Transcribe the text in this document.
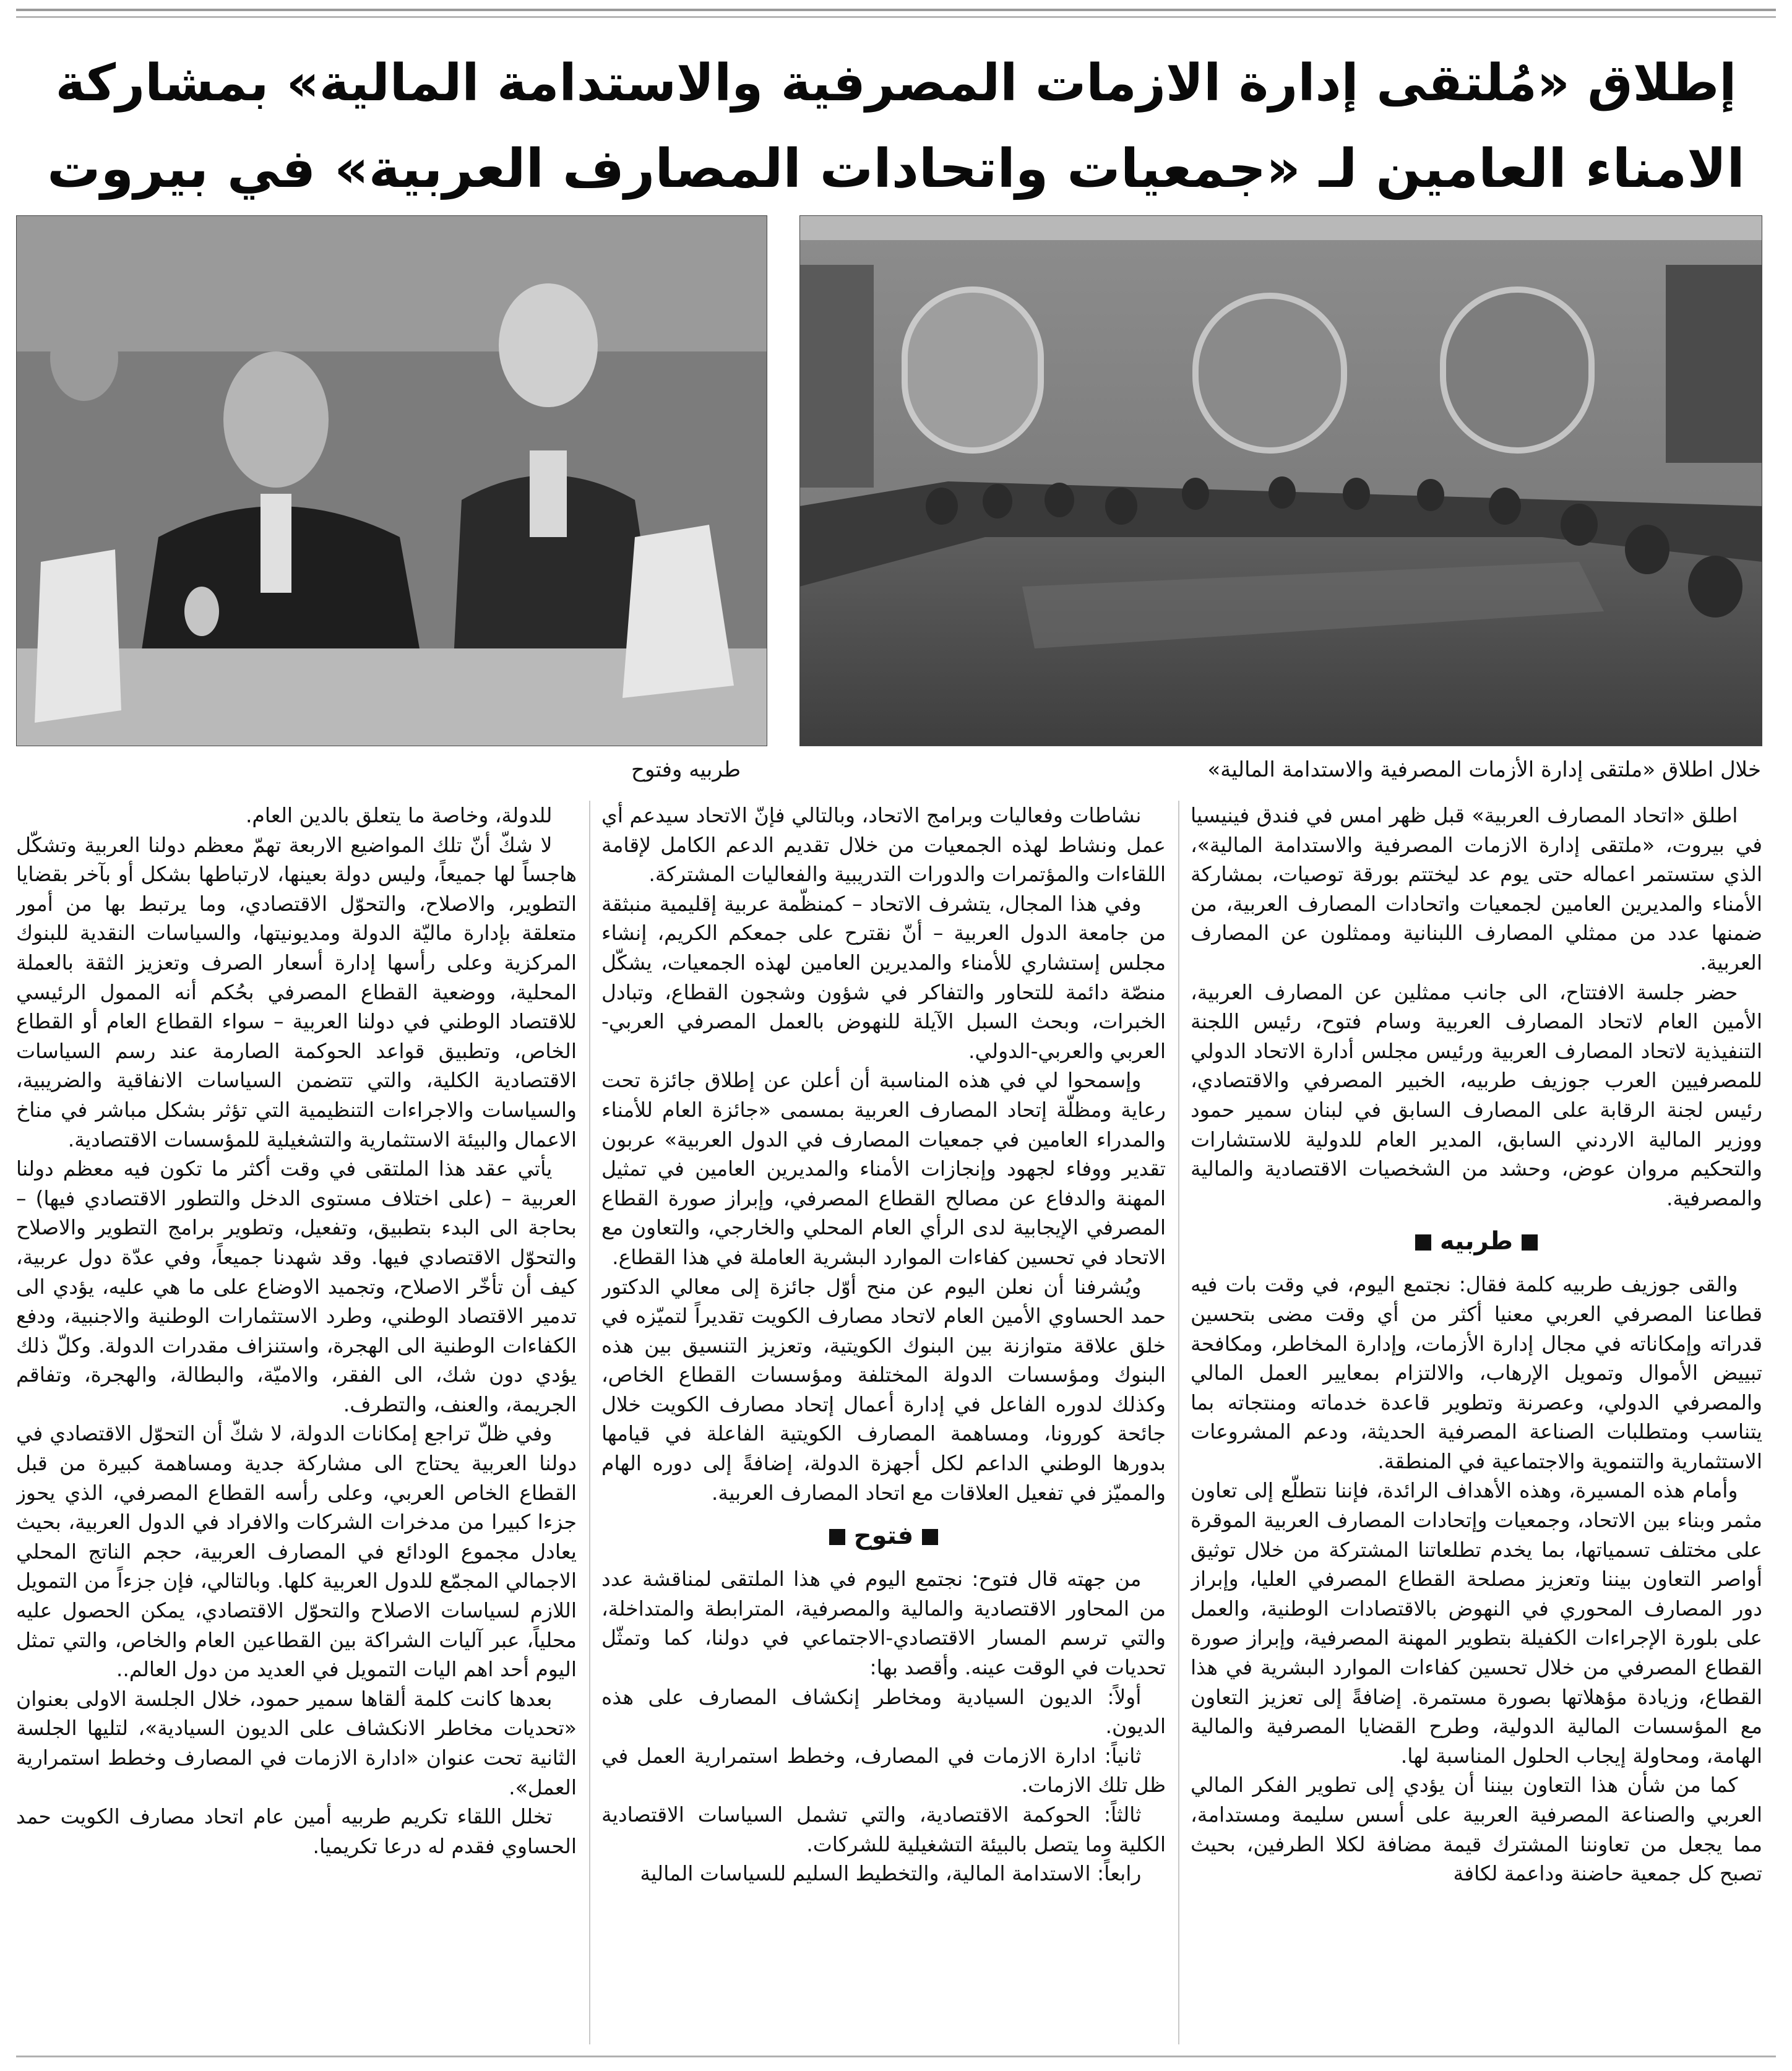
إطلاق «مُلتقى إدارة الازمات المصرفية والاستدامة المالية» بمشاركة
الامناء العامين لـ «جمعيات واتحادات المصارف العربية» في بيروت
خلال اطلاق «ملتقى إدارة الأزمات المصرفية والاستدامة المالية»
طربيه وفتوح

اطلق «اتحاد المصارف العربية» قبل ظهر امس في فندق فينيسيا في بيروت، «ملتقى إدارة الازمات المصرفية والاستدامة المالية»، الذي ستستمر اعماله حتى يوم عد ليختتم بورقة توصيات، بمشاركة الأمناء والمديرين العامين لجمعيات واتحادات المصارف العربية، من ضمنها عدد من ممثلي المصارف اللبنانية وممثلون عن المصارف العربية.

حضر جلسة الافتتاح، الى جانب ممثلين عن المصارف العربية، الأمين العام لاتحاد المصارف العربية وسام فتوح، رئيس اللجنة التنفيذية لاتحاد المصارف العربية ورئيس مجلس أدارة الاتحاد الدولي للمصرفيين العرب جوزيف طربيه، الخبير المصرفي والاقتصادي، رئيس لجنة الرقابة على المصارف السابق في لبنان سمير حمود ووزير المالية الاردني السابق، المدير العام للدولية للاستشارات والتحكيم مروان عوض، وحشد من الشخصيات الاقتصادية والمالية والمصرفية.

طربيه

والقى جوزيف طربيه كلمة فقال: نجتمع اليوم، في وقت بات فيه قطاعنا المصرفي العربي معنيا أكثر من أي وقت مضى بتحسين قدراته وإمكاناته في مجال إدارة الأزمات، وإدارة المخاطر، ومكافحة تبييض الأموال وتمويل الإرهاب، والالتزام بمعايير العمل المالي والمصرفي الدولي، وعصرنة وتطوير قاعدة خدماته ومنتجاته بما يتناسب ومتطلبات الصناعة المصرفية الحديثة، ودعم المشروعات الاستثمارية والتنموية والاجتماعية في المنطقة.

وأمام هذه المسيرة، وهذه الأهداف الرائدة، فإننا نتطلّع إلى تعاون مثمر وبناء بين الاتحاد، وجمعيات وإتحادات المصارف العربية الموقرة على مختلف تسمياتها، بما يخدم تطلعاتنا المشتركة من خلال توثيق أواصر التعاون بيننا وتعزيز مصلحة القطاع المصرفي العليا، وإبراز دور المصارف المحوري في النهوض بالاقتصادات الوطنية، والعمل على بلورة الإجراءات الكفيلة بتطوير المهنة المصرفية، وإبراز صورة القطاع المصرفي من خلال تحسين كفاءات الموارد البشرية في هذا القطاع، وزيادة مؤهلاتها بصورة مستمرة. إضافةً إلى تعزيز التعاون مع المؤسسات المالية الدولية، وطرح القضايا المصرفية والمالية الهامة، ومحاولة إيجاب الحلول المناسبة لها.

كما من شأن هذا التعاون بيننا أن يؤدي إلى تطوير الفكر المالي العربي والصناعة المصرفية العربية على أسس سليمة ومستدامة، مما يجعل من تعاوننا المشترك قيمة مضافة لكلا الطرفين، بحيث تصبح كل جمعية حاضنة وداعمة لكافة

نشاطات وفعاليات وبرامج الاتحاد، وبالتالي فإنّ الاتحاد سيدعم أي عمل ونشاط لهذه الجمعيات من خلال تقديم الدعم الكامل لإقامة اللقاءات والمؤتمرات والدورات التدريبية والفعاليات المشتركة.

وفي هذا المجال، يتشرف الاتحاد – كمنظّمة عربية إقليمية منبثقة من جامعة الدول العربية – أنّ نقترح على جمعكم الكريم، إنشاء مجلس إستشاري للأمناء والمديرين العامين لهذه الجمعيات، يشكّل منصّة دائمة للتحاور والتفاكر في شؤون وشجون القطاع، وتبادل الخبرات، وبحث السبل الآيلة للنهوض بالعمل المصرفي العربي-العربي والعربي-الدولي.

وإسمحوا لي في هذه المناسبة أن أعلن عن إطلاق جائزة تحت رعاية ومظلّة إتحاد المصارف العربية بمسمى «جائزة العام للأمناء والمدراء العامين في جمعيات المصارف في الدول العربية» عربون تقدير ووفاء لجهود وإنجازات الأمناء والمديرين العامين في تمثيل المهنة والدفاع عن مصالح القطاع المصرفي، وإبراز صورة القطاع المصرفي الإيجابية لدى الرأي العام المحلي والخارجي، والتعاون مع الاتحاد في تحسين كفاءات الموارد البشرية العاملة في هذا القطاع.

ويُشرفنا أن نعلن اليوم عن منح أوّل جائزة إلى معالي الدكتور حمد الحساوي الأمين العام لاتحاد مصارف الكويت تقديراً لتميّزه في خلق علاقة متوازنة بين البنوك الكويتية، وتعزيز التنسيق بين هذه البنوك ومؤسسات الدولة المختلفة ومؤسسات القطاع الخاص، وكذلك لدوره الفاعل في إدارة أعمال إتحاد مصارف الكويت خلال جائحة كورونا، ومساهمة المصارف الكويتية الفاعلة في قيامها بدورها الوطني الداعم لكل أجهزة الدولة، إضافةً إلى دوره الهام والمميّز في تفعيل العلاقات مع اتحاد المصارف العربية.

فتوح

من جهته قال فتوح: نجتمع اليوم في هذا الملتقى لمناقشة عدد من المحاور الاقتصادية والمالية والمصرفية، المترابطة والمتداخلة، والتي ترسم المسار الاقتصادي-الاجتماعي في دولنا، كما وتمثّل تحديات في الوقت عينه. وأقصد بها:

أولاً: الديون السيادية ومخاطر إنكشاف المصارف على هذه الديون.

ثانياً: ادارة الازمات في المصارف، وخطط استمرارية العمل في ظل تلك الازمات.

ثالثاً: الحوكمة الاقتصادية، والتي تشمل السياسات الاقتصادية الكلية وما يتصل بالبيئة التشغيلية للشركات.

رابعاً: الاستدامة المالية، والتخطيط السليم للسياسات المالية

للدولة، وخاصة ما يتعلق بالدين العام.

لا شكّ أنّ تلك المواضيع الاربعة تهمّ معظم دولنا العربية وتشكّل هاجساً لها جميعاً، وليس دولة بعينها، لارتباطها بشكل أو بآخر بقضايا التطوير، والاصلاح، والتحوّل الاقتصادي، وما يرتبط بها من أمور متعلقة بإدارة ماليّة الدولة ومديونيتها، والسياسات النقدية للبنوك المركزية وعلى رأسها إدارة أسعار الصرف وتعزيز الثقة بالعملة المحلية، ووضعية القطاع المصرفي بحُكم أنه الممول الرئيسي للاقتصاد الوطني في دولنا العربية – سواء القطاع العام أو القطاع الخاص، وتطبيق قواعد الحوكمة الصارمة عند رسم السياسات الاقتصادية الكلية، والتي تتضمن السياسات الانفاقية والضريبية، والسياسات والاجراءات التنظيمية التي تؤثر بشكل مباشر في مناخ الاعمال والبيئة الاستثمارية والتشغيلية للمؤسسات الاقتصادية.

يأتي عقد هذا الملتقى في وقت أكثر ما تكون فيه معظم دولنا العربية – (على اختلاف مستوى الدخل والتطور الاقتصادي فيها) – بحاجة الى البدء بتطبيق، وتفعيل، وتطوير برامج التطوير والاصلاح والتحوّل الاقتصادي فيها. وقد شهدنا جميعاً، وفي عدّة دول عربية، كيف أن تأخّر الاصلاح، وتجميد الاوضاع على ما هي عليه، يؤدي الى تدمير الاقتصاد الوطني، وطرد الاستثمارات الوطنية والاجنبية، ودفع الكفاءات الوطنية الى الهجرة، واستنزاف مقدرات الدولة. وكلّ ذلك يؤدي دون شك، الى الفقر، والاميّة، والبطالة، والهجرة، وتفاقم الجريمة، والعنف، والتطرف.

وفي ظلّ تراجع إمكانات الدولة، لا شكّ أن التحوّل الاقتصادي في دولنا العربية يحتاج الى مشاركة جدية ومساهمة كبيرة من قبل القطاع الخاص العربي، وعلى رأسه القطاع المصرفي، الذي يحوز جزءا كبيرا من مدخرات الشركات والافراد في الدول العربية، بحيث يعادل مجموع الودائع في المصارف العربية، حجم الناتج المحلي الاجمالي المجمّع للدول العربية كلها. وبالتالي، فإن جزءاً من التمويل اللازم لسياسات الاصلاح والتحوّل الاقتصادي، يمكن الحصول عليه محلياً، عبر آليات الشراكة بين القطاعين العام والخاص، والتي تمثل اليوم أحد اهم اليات التمويل في العديد من دول العالم..

بعدها كانت كلمة ألقاها سمير حمود، خلال الجلسة الاولى بعنوان «تحديات مخاطر الانكشاف على الديون السيادية»، لتليها الجلسة الثانية تحت عنوان «ادارة الازمات في المصارف وخطط استمرارية العمل».

تخلل اللقاء تكريم طربيه أمين عام اتحاد مصارف الكويت حمد الحساوي فقدم له درعا تكريميا.
